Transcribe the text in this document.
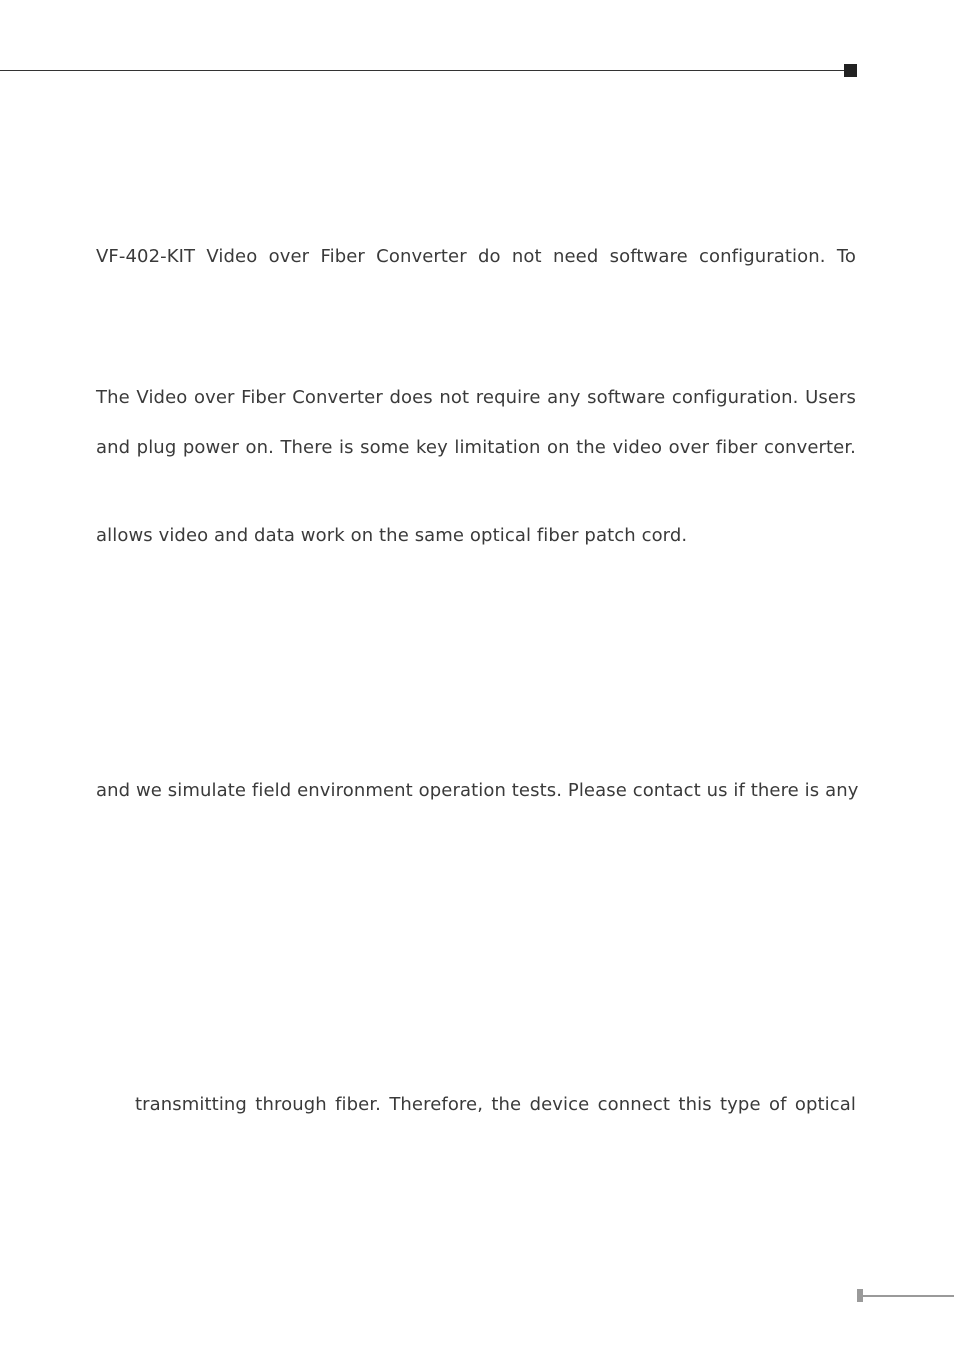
VF-402-KIT Video over Fiber Converter do not need software configuration. To
The Video over Fiber Converter does not require any software configuration. Users
and plug power on. There is some key limitation on the video over fiber converter.
allows video and data work on the same optical fiber patch cord.
and we simulate field environment operation tests. Please contact us if there is any
transmitting through fiber. Therefore, the device connect this type of optical
